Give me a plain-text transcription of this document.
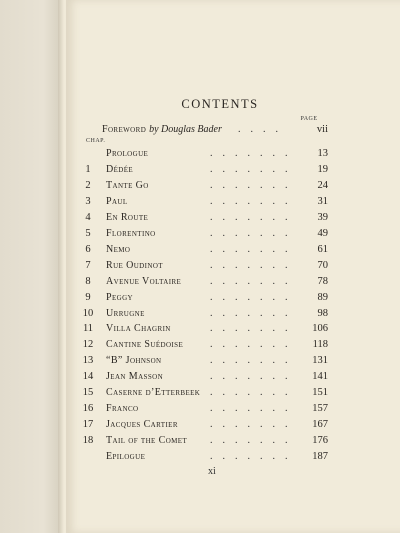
CONTENTS
PAGE
Foreword by Douglas Bader ....	vii
CHAP.
Prologue	.......	13
1	Dédée	.......	19
2	Tante Go	.......	24
3	Paul	.......	31
4	En Route	.......	39
5	Florentino	.......	49
6	Nemo	.......	61
7	Rue Oudinot	.......	70
8	Avenue Voltaire	.......	78
9	Peggy	.......	89
10	Urrugne	.......	98
11	Villa Chagrin	.......	106
12	Cantine Suédoise	.......	118
13	“B” Johnson	.......	131
14	Jean Masson	.......	141
15	Caserne d’Etterbeek .......	151
16	Franco	.......	157
17	Jacques Cartier	.......	167
18	Tail of the Comet .......	176
Epilogue	.......	187
xi
